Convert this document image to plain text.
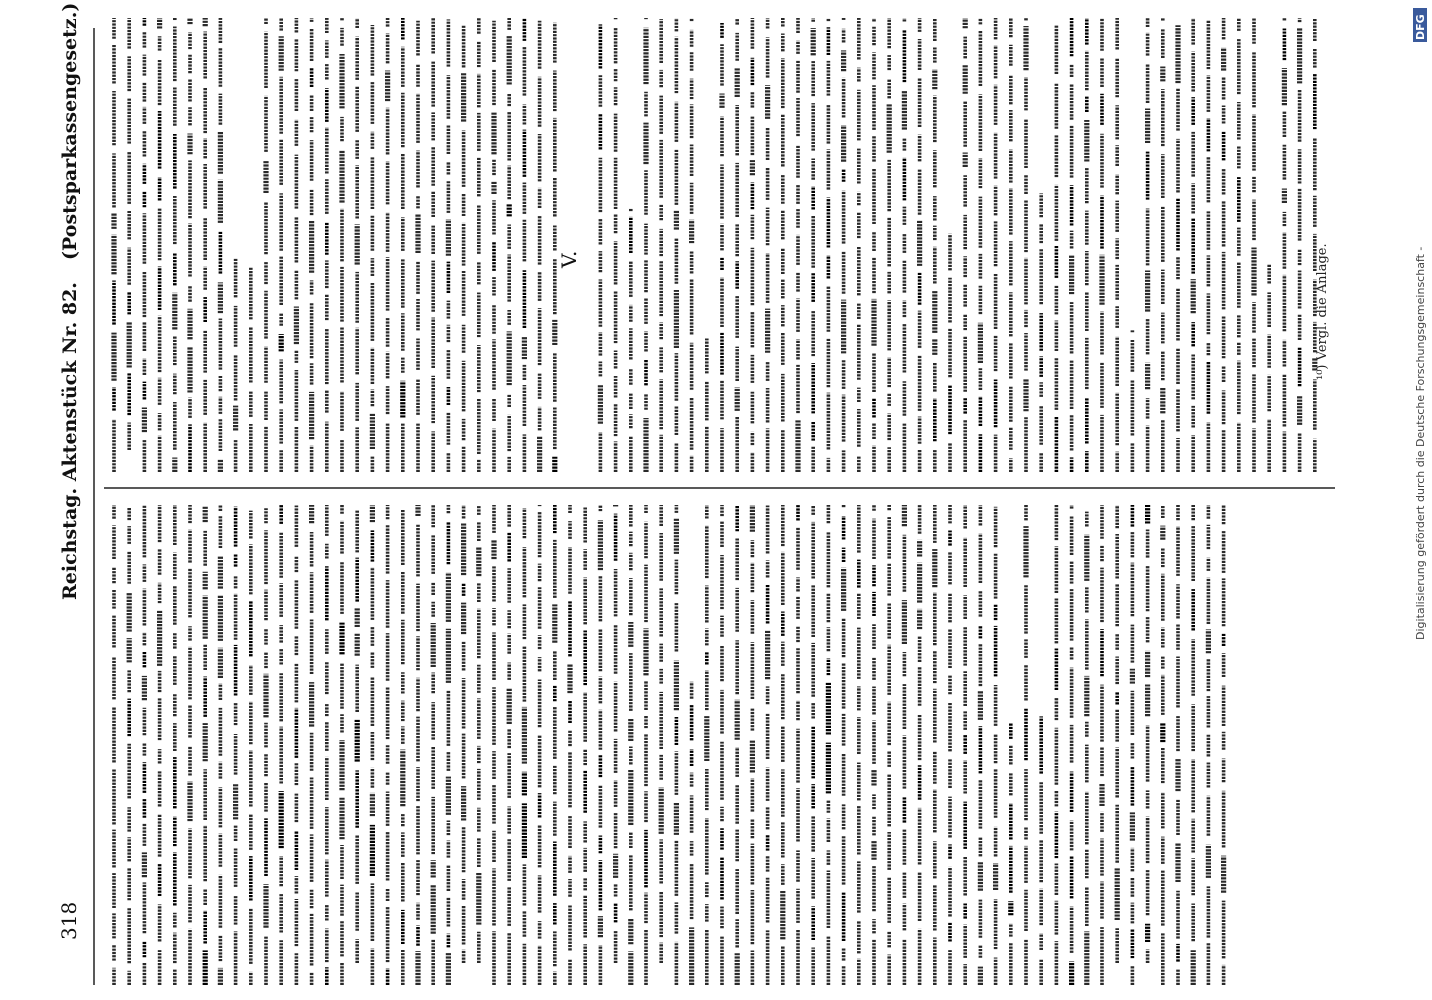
318
Reichstag. Aktenstück Nr. 82.
(Postsparkassengesetz.)	V.	¹⁰) Vergl. die Anlage.	Digitalisierung gefördert durch die Deutsche Forschungsgemeinschaft -
DFG
